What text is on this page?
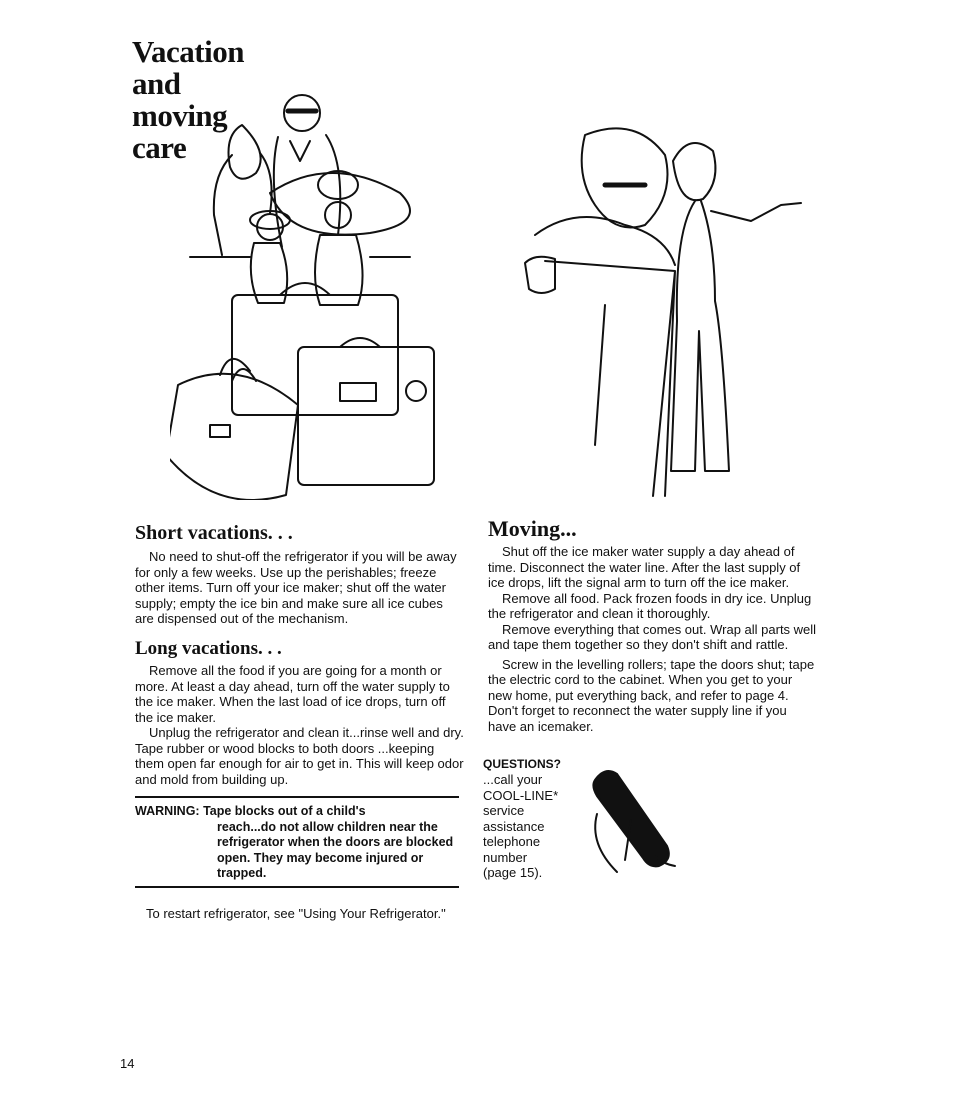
Vacation
and
moving
care
Short vacations. . .

No need to shut-off the refrigerator if you will be away for only a few weeks. Use up the perishables; freeze other items. Turn off your ice maker; shut off the water supply; empty the ice bin and make sure all ice cubes are dispensed out of the mechanism.

Long vacations. . .

Remove all the food if you are going for a month or more. At least a day ahead, turn off the water supply to the ice maker. When the last load of ice drops, turn off the ice maker.

Unplug the refrigerator and clean it...rinse well and dry. Tape rubber or wood blocks to both doors ...keeping them open far enough for air to get in. This will keep odor and mold from building up.

WARNING: Tape blocks out of a child's
reach...do not allow children near the refrigerator when the doors are blocked open. They may become injured or trapped.
To restart refrigerator, see "Using Your Refrigerator."
Moving...

Shut off the ice maker water supply a day ahead of time. Disconnect the water line. After the last supply of ice drops, lift the signal arm to turn off the ice maker.

Remove all food. Pack frozen foods in dry ice. Unplug the refrigerator and clean it thoroughly.

Remove everything that comes out. Wrap all parts well and tape them together so they don't shift and rattle.

Screw in the levelling rollers; tape the doors shut; tape the electric cord to the cabinet. When you get to your new home, put everything back, and refer to page 4. Don't forget to reconnect the water supply line if you have an icemaker.

QUESTIONS?
...call your
COOL-LINE*
service
assistance
telephone
number
(page 15).
14
